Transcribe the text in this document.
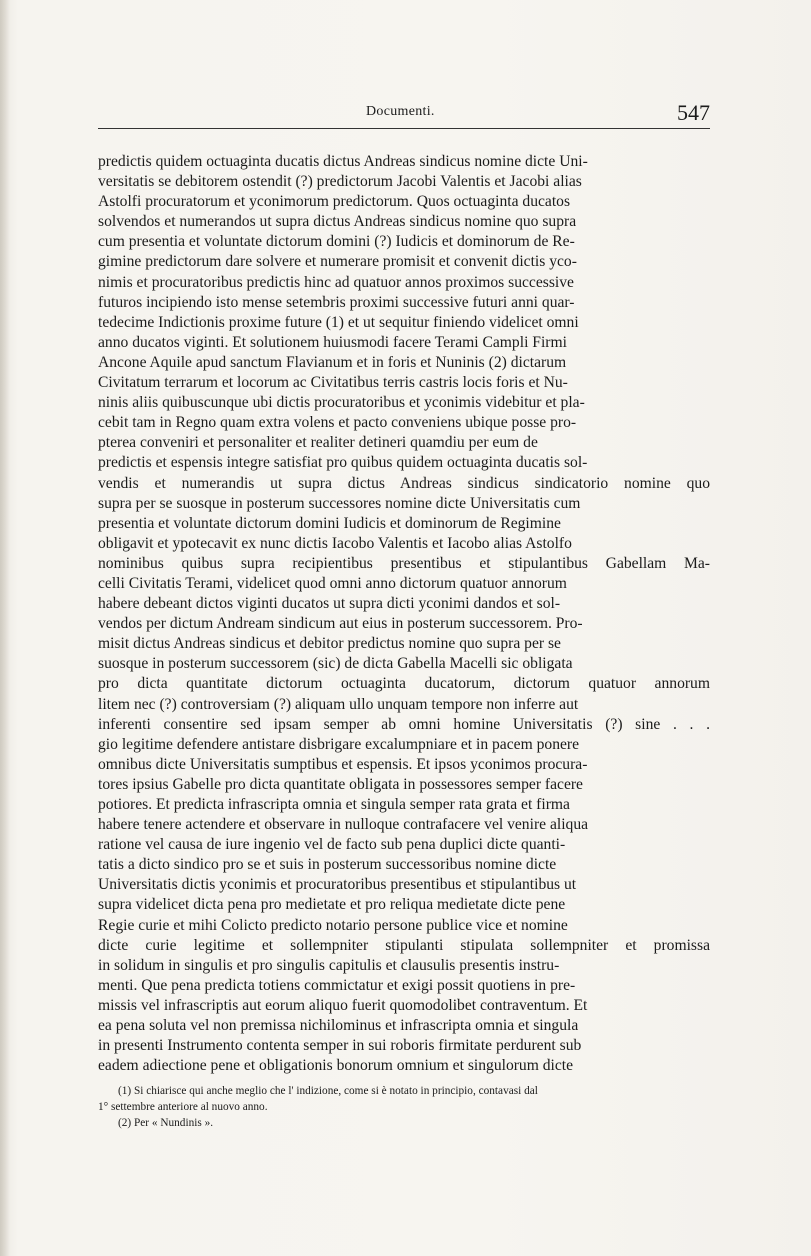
Documenti.	547
predictis quidem octuaginta ducatis dictus Andreas sindicus nomine dicte Uni-
versitatis se debitorem ostendit (?) predictorum Jacobi Valentis et Jacobi alias
Astolfi procuratorum et yconimorum predictorum. Quos octuaginta ducatos
solvendos et numerandos ut supra dictus Andreas sindicus nomine quo supra
cum presentia et voluntate dictorum domini (?) Iudicis et dominorum de Re-
gimine predictorum dare solvere et numerare promisit et convenit dictis yco-
nimis et procuratoribus predictis hinc ad quatuor annos proximos successive
futuros incipiendo isto mense setembris proximi successive futuri anni quar-
tedecime Indictionis proxime future (1) et ut sequitur finiendo videlicet omni
anno ducatos viginti. Et solutionem huiusmodi facere Terami Campli Firmi
Ancone Aquile apud sanctum Flavianum et in foris et Nuninis (2) dictarum
Civitatum terrarum et locorum ac Civitatibus terris castris locis foris et Nu-
ninis aliis quibuscunque ubi dictis procuratoribus et yconimis videbitur et pla-
cebit tam in Regno quam extra volens et pacto conveniens ubique posse pro-
pterea conveniri et personaliter et realiter detineri quamdiu per eum de
predictis et espensis integre satisfiat pro quibus quidem octuaginta ducatis sol-
vendis et numerandis ut supra dictus Andreas sindicus sindicatorio nomine quo
supra per se suosque in posterum successores nomine dicte Universitatis cum
presentia et voluntate dictorum domini Iudicis et dominorum de Regimine
obligavit et ypotecavit ex nunc dictis Iacobo Valentis et Iacobo alias Astolfo
nominibus quibus supra recipientibus presentibus et stipulantibus Gabellam Ma-
celli Civitatis Terami, videlicet quod omni anno dictorum quatuor annorum
habere debeant dictos viginti ducatos ut supra dicti yconimi dandos et sol-
vendos per dictum Andream sindicum aut eius in posterum successorem. Pro-
misit dictus Andreas sindicus et debitor predictus nomine quo supra per se
suosque in posterum successorem (sic) de dicta Gabella Macelli sic obligata
pro dicta quantitate dictorum octuaginta ducatorum, dictorum quatuor annorum
litem nec (?) controversiam (?) aliquam ullo unquam tempore non inferre aut
inferenti consentire sed ipsam semper ab omni homine Universitatis (?) sine . . .
gio legitime defendere antistare disbrigare excalumpniare et in pacem ponere
omnibus dicte Universitatis sumptibus et espensis. Et ipsos yconimos procura-
tores ipsius Gabelle pro dicta quantitate obligata in possessores semper facere
potiores. Et predicta infrascripta omnia et singula semper rata grata et firma
habere tenere actendere et observare in nulloque contrafacere vel venire aliqua
ratione vel causa de iure ingenio vel de facto sub pena duplici dicte quanti-
tatis a dicto sindico pro se et suis in posterum successoribus nomine dicte
Universitatis dictis yconimis et procuratoribus presentibus et stipulantibus ut
supra videlicet dicta pena pro medietate et pro reliqua medietate dicte pene
Regie curie et mihi Colicto predicto notario persone publice vice et nomine
dicte curie legitime et sollempniter stipulanti stipulata sollempniter et promissa
in solidum in singulis et pro singulis capitulis et clausulis presentis instru-
menti. Que pena predicta totiens commictatur et exigi possit quotiens in pre-
missis vel infrascriptis aut eorum aliquo fuerit quomodolibet contraventum. Et
ea pena soluta vel non premissa nichilominus et infrascripta omnia et singula
in presenti Instrumento contenta semper in sui roboris firmitate perdurent sub
eadem adiectione pene et obligationis bonorum omnium et singulorum dicte
(1) Si chiarisce qui anche meglio che l' indizione, come si è notato in principio, contavasi dal
1° settembre anteriore al nuovo anno.
(2) Per « Nundinis ».
